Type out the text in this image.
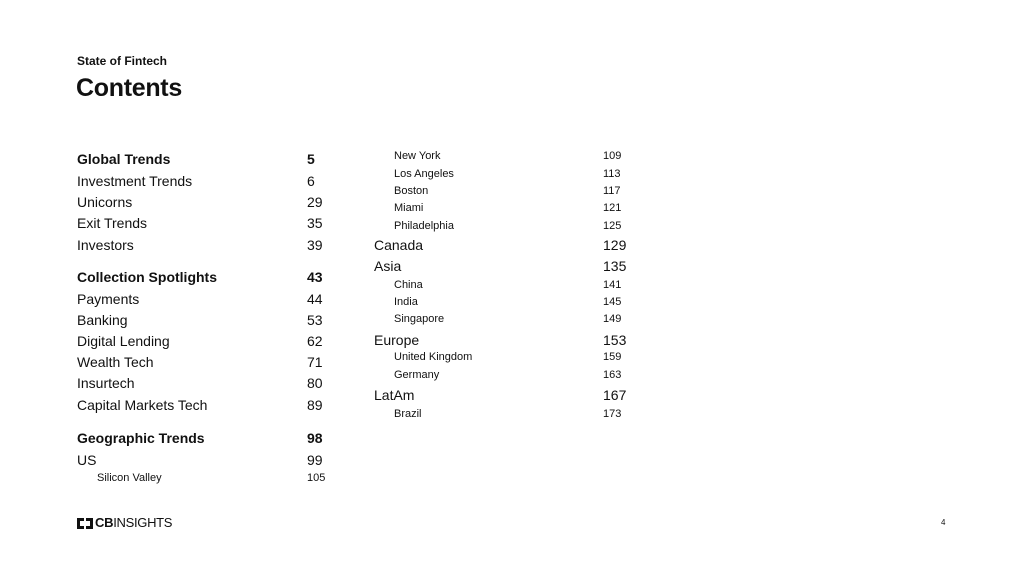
State of Fintech
Contents
Global Trends	5
Investment Trends	6
Unicorns	29
Exit Trends	35
Investors	39
Collection Spotlights	43
Payments	44
Banking	53
Digital Lending	62
Wealth Tech	71
Insurtech	80
Capital Markets Tech	89
Geographic Trends	98
US	99
Silicon Valley	105
New York	109
Los Angeles	113
Boston	117
Miami	121
Philadelphia	125
Canada	129
Asia	135
China	141
India	145
Singapore	149
Europe	153
United Kingdom	159
Germany	163
LatAm	167
Brazil	173
CBINSIGHTS	4
